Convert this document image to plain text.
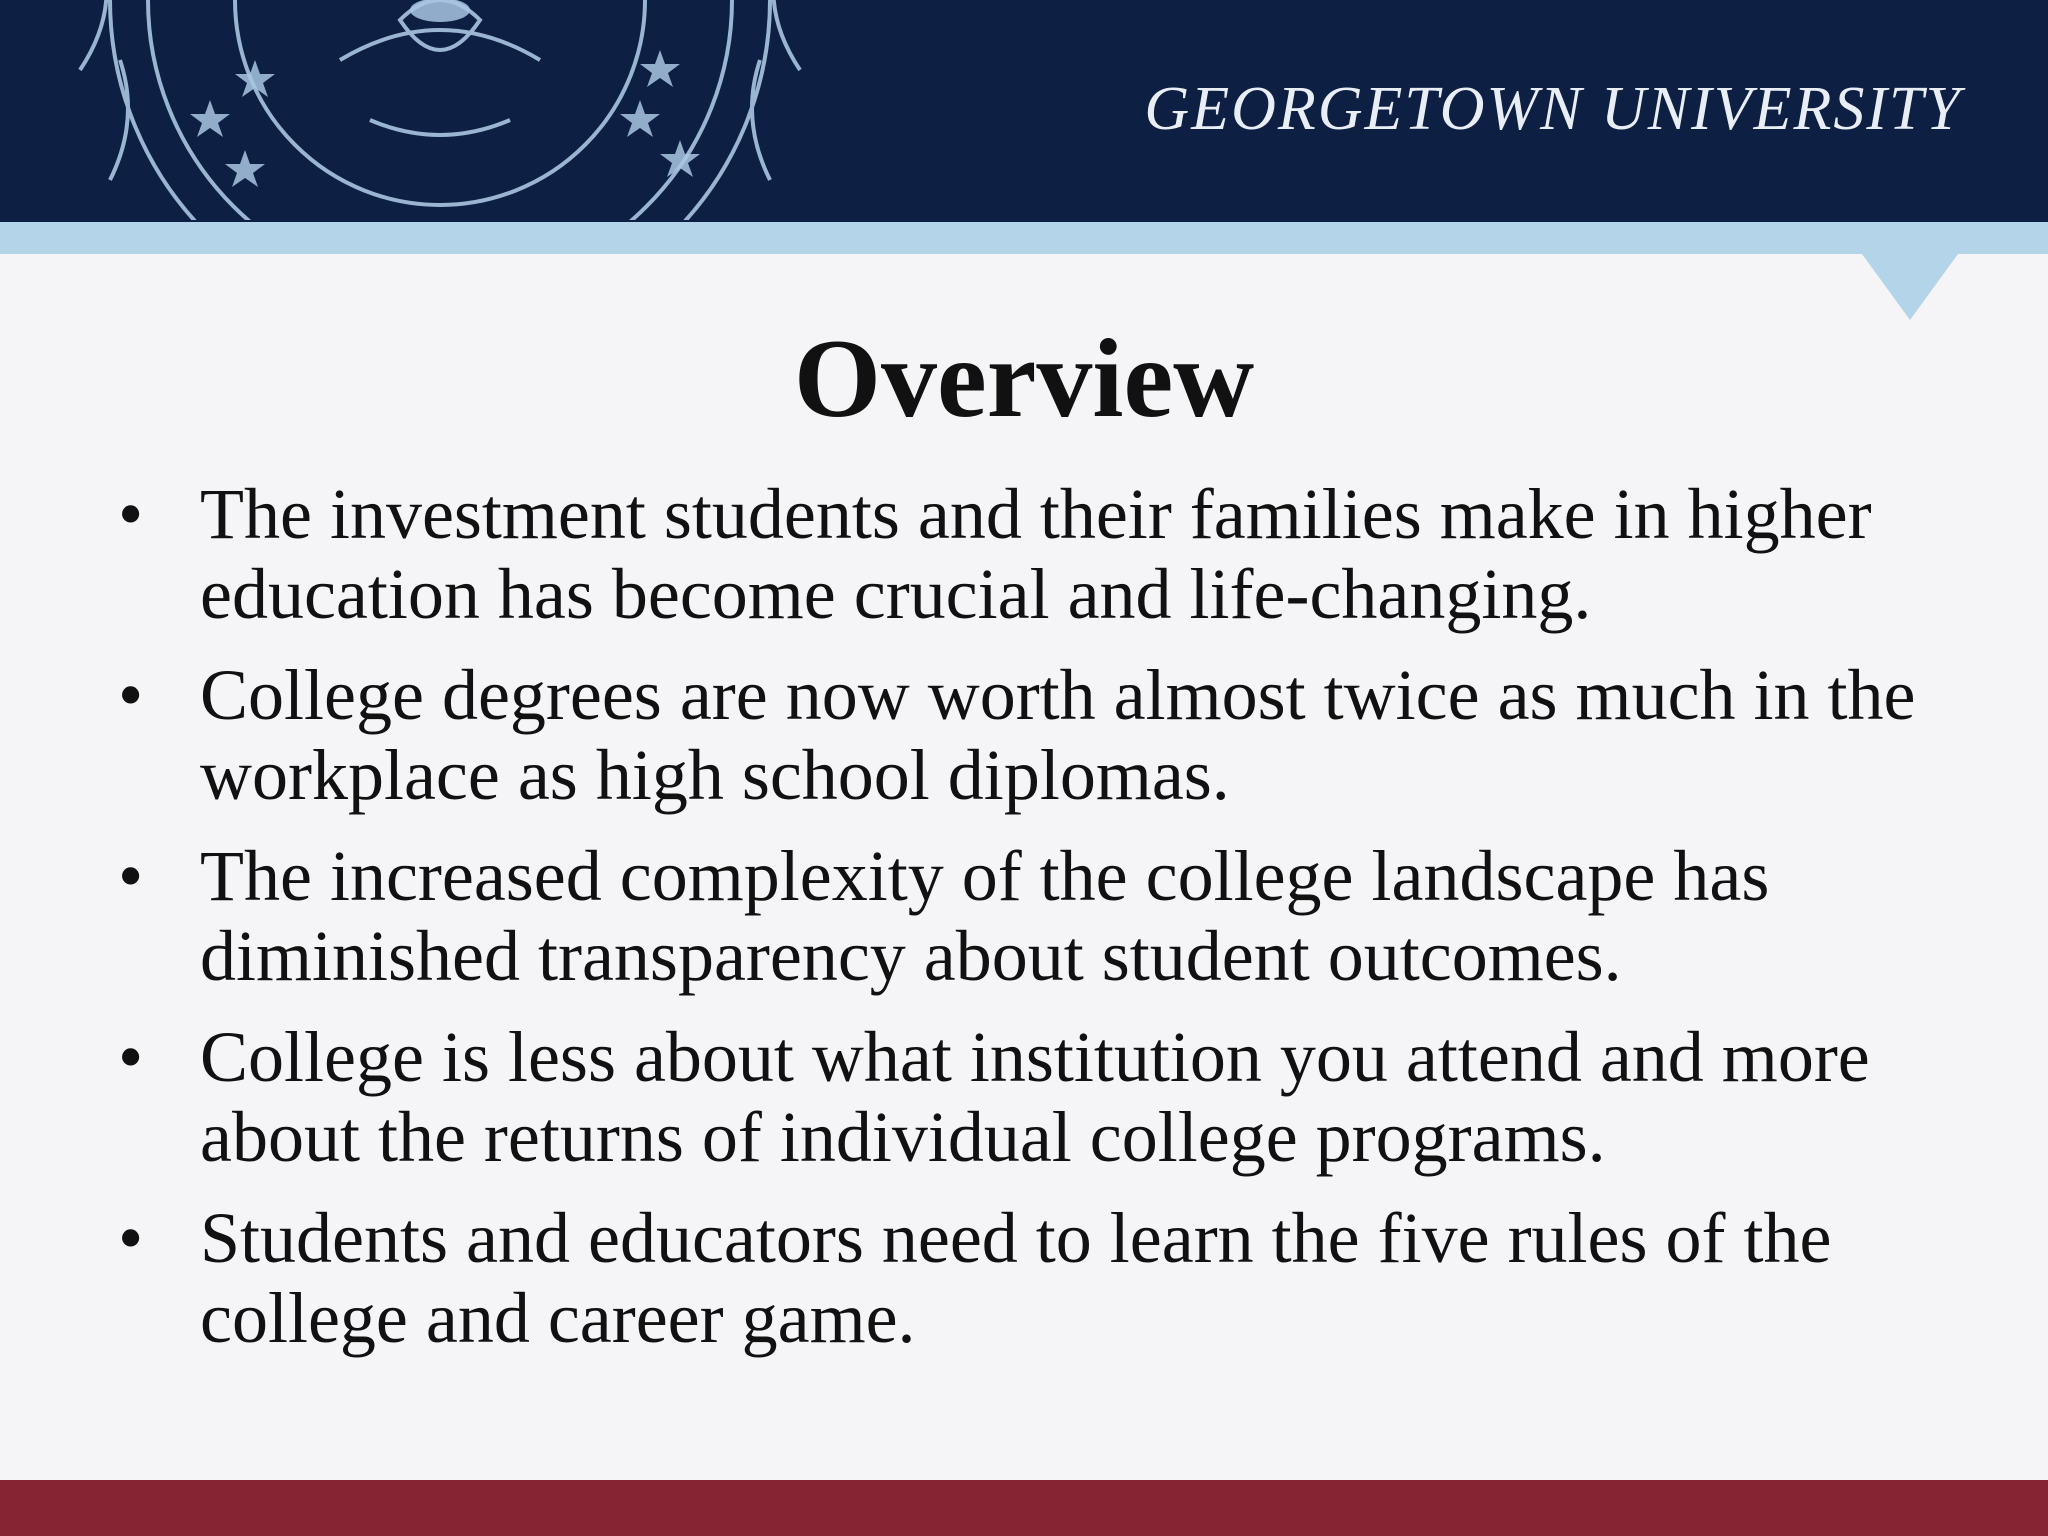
GEORGETOWN UNIVERSITY
Overview
• The investment students and their families make in higher education has become crucial and life-changing.
• College degrees are now worth almost twice as much in the workplace as high school diplomas.
• The increased complexity of the college landscape has diminished transparency about student outcomes.
• College is less about what institution you attend and more about the returns of individual college programs.
• Students and educators need to learn the five rules of the college and career game.
